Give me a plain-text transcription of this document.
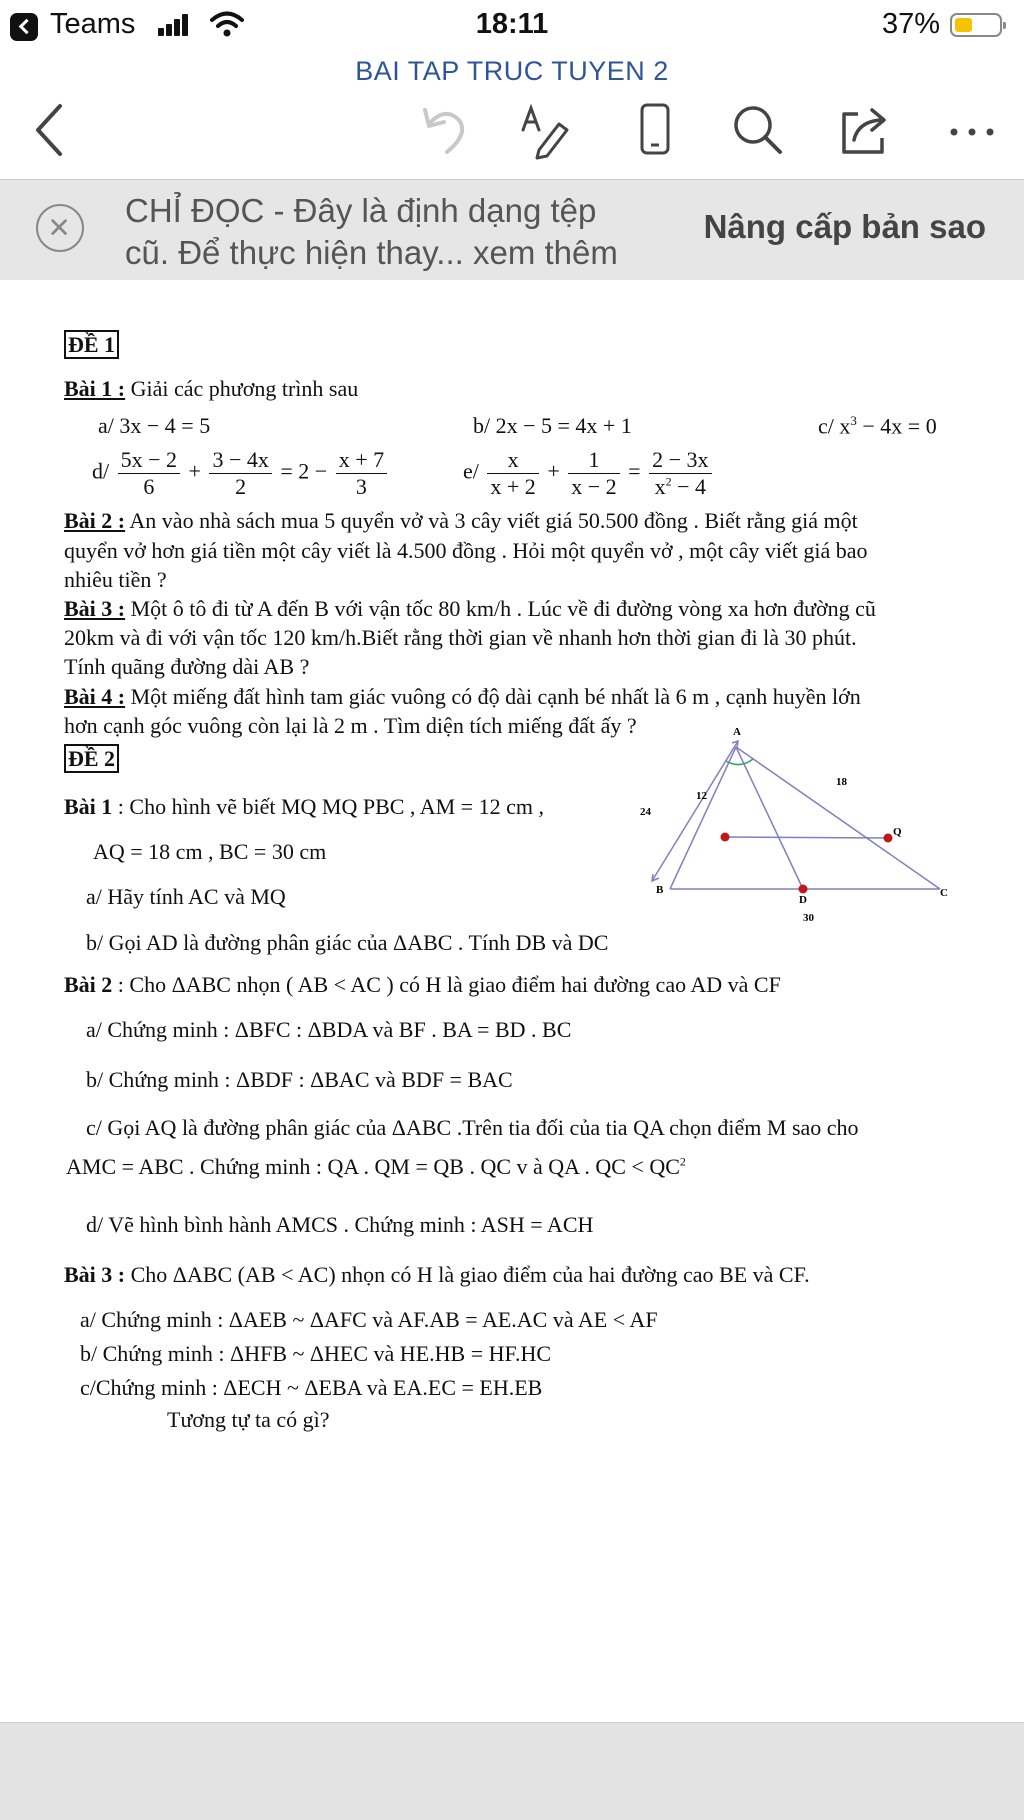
Teams	18:11	37%
BAI TAP TRUC TUYEN 2
CHỈ ĐỌC - Đây là định dạng tệp
cũ. Để thực hiện thay... xem thêm
Nâng cấp bản sao
ĐỀ 1
Bài 1 : Giải các phương trình sau
a/ 3x − 4 = 5	b/ 2x − 5 = 4x + 1	c/ $x^3 - 4x = 0$
$d/ \frac{5x - 2}{6} + \frac{3 - 4x}{2} = 2 - \frac{x + 7}{3}$	$e/ \frac{x}{x + 2} + \frac{1}{x - 2} = \frac{2 - 3x}{x^2 - 4}$
Bài 2 : An vào nhà sách mua 5 quyển vở và 3 cây viết giá 50.500 đồng . Biết rằng giá một
quyển vở hơn giá tiền một cây viết là 4.500 đồng . Hỏi một quyển vở , một cây viết giá bao
nhiêu tiền ?
Bài 3 : Một ô tô đi từ A đến B với vận tốc 80 km/h . Lúc về đi đường vòng xa hơn đường cũ
20km và đi với vận tốc 120 km/h.Biết rằng thời gian về nhanh hơn thời gian đi là 30 phút.
Tính quãng đường dài AB ?
Bài 4 : Một miếng đất hình tam giác vuông có độ dài cạnh bé nhất là 6 m , cạnh huyền lớn
hơn cạnh góc vuông còn lại là 2 m . Tìm diện tích miếng đất ấy ?
ĐỀ 2
Bài 1 : Cho hình vẽ biết MQ MQ PBC , AM = 12 cm ,
AQ = 18 cm , BC = 30 cm
a/ Hãy tính AC và MQ
b/ Gọi AD là đường phân giác của ΔABC . Tính DB và DC
Bài 2 : Cho ΔABC nhọn ( AB < AC ) có H là giao điểm hai đường cao AD và CF
a/ Chứng minh : ΔBFC : ΔBDA và BF . BA = BD . BC
b/ Chứng minh : ΔBDF : ΔBAC và BDF = BAC
c/ Gọi AQ là đường phân giác của ΔABC .Trên tia đối của tia QA chọn điểm M sao cho
AMC = ABC . Chứng minh : QA . QM = QB . QC v à QA . QC < $QC^2$
d/ Vẽ hình bình hành AMCS . Chứng minh : ASH = ACH
Bài 3 : Cho ΔABC (AB < AC) nhọn có H là giao điểm của hai đường cao BE và CF.
a/ Chứng minh : ΔAEB ~ ΔAFC và AF.AB = AE.AC và AE < AF
b/ Chứng minh : ΔHFB ~ ΔHEC và HE.HB = HF.HC
c/Chứng minh : ΔECH ~ ΔEBA và EA.EC = EH.EB
Tương tự ta có gì?
A
12
18
24
Q
B
D
C
30
